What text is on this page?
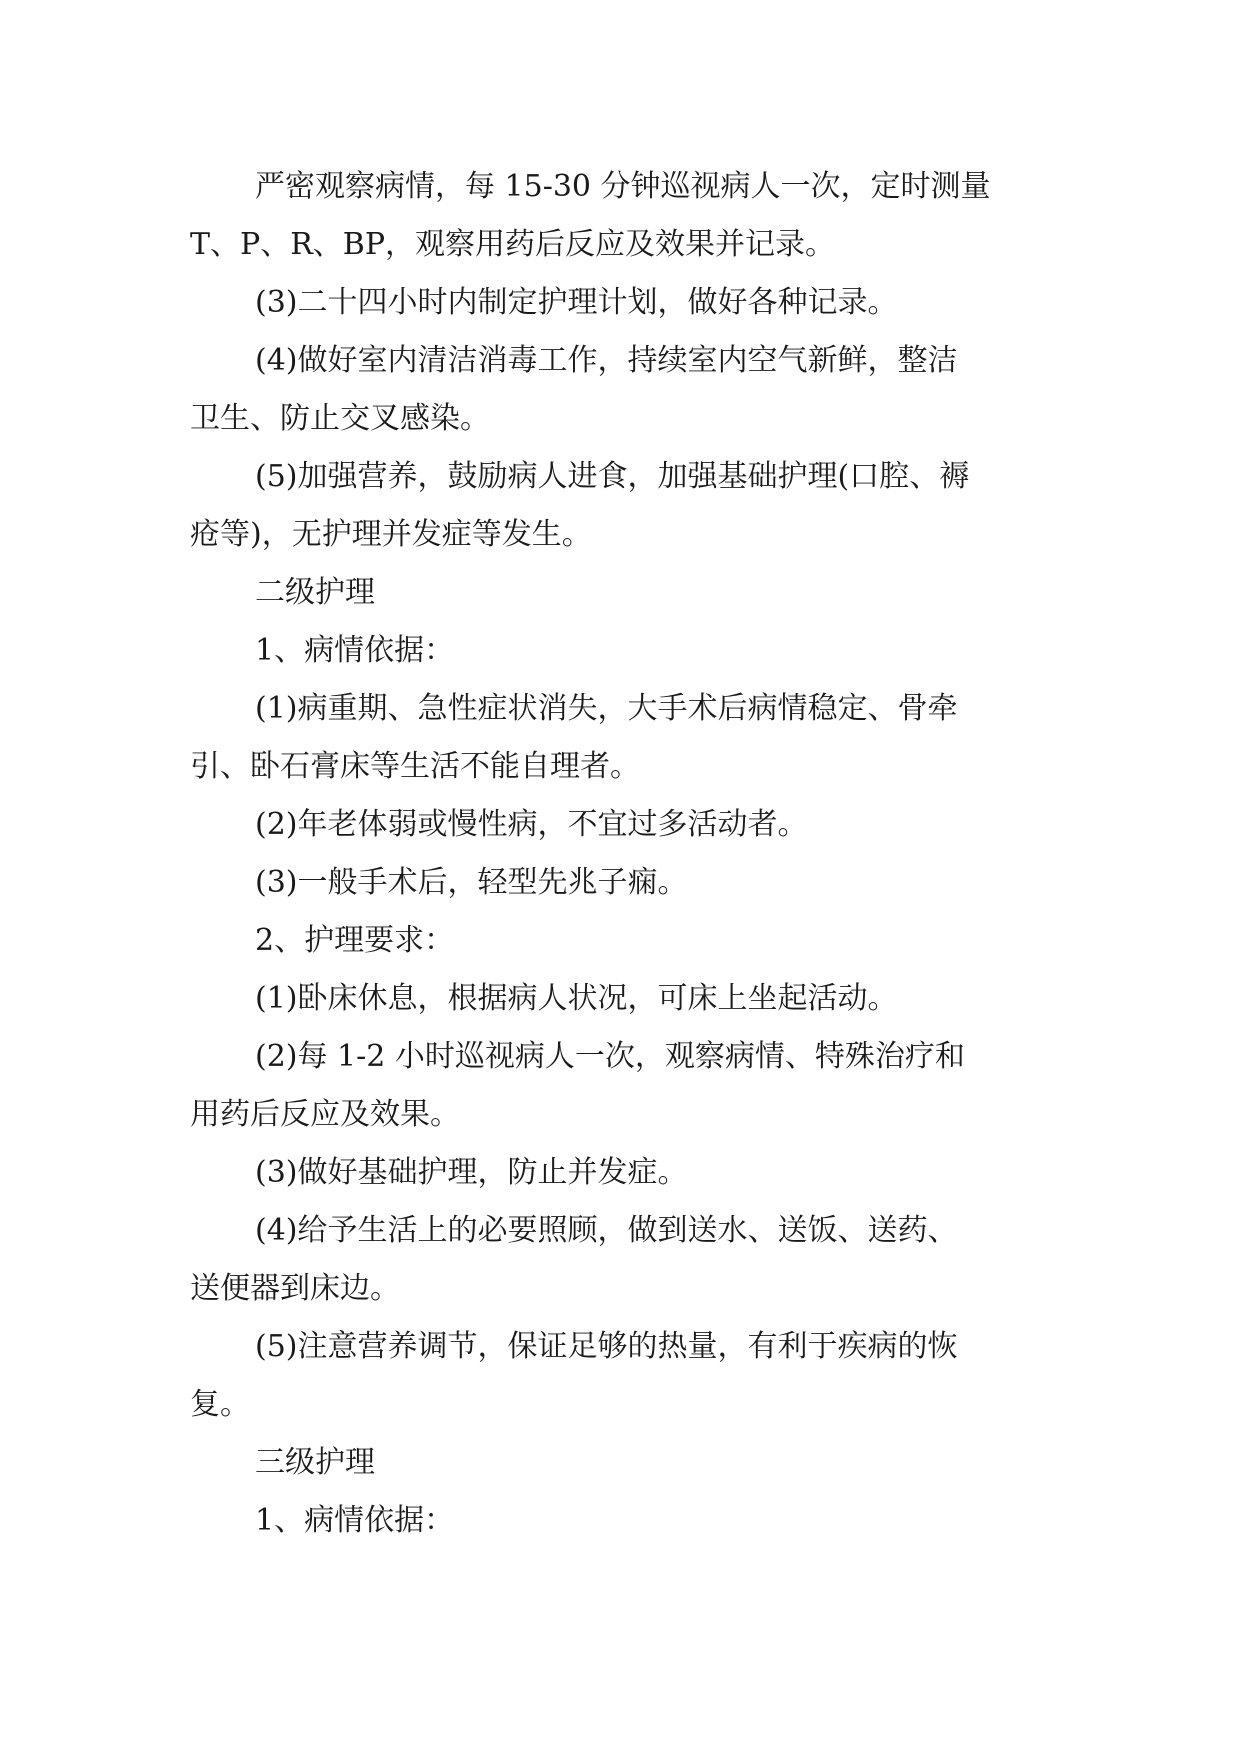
严密观察病情，每 15-30 分钟巡视病人一次，定时测量
T、P、R、BP，观察用药后反应及效果并记录。
(3)二十四小时内制定护理计划，做好各种记录。
(4)做好室内清洁消毒工作，持续室内空气新鲜，整洁
卫生、防止交叉感染。
(5)加强营养，鼓励病人进食，加强基础护理(口腔、褥
疮等)，无护理并发症等发生。
二级护理
1、病情依据：
(1)病重期、急性症状消失，大手术后病情稳定、骨牵
引、卧石膏床等生活不能自理者。
(2)年老体弱或慢性病，不宜过多活动者。
(3)一般手术后，轻型先兆子痫。
2、护理要求：
(1)卧床休息，根据病人状况，可床上坐起活动。
(2)每 1-2 小时巡视病人一次，观察病情、特殊治疗和
用药后反应及效果。
(3)做好基础护理，防止并发症。
(4)给予生活上的必要照顾，做到送水、送饭、送药、
送便器到床边。
(5)注意营养调节，保证足够的热量，有利于疾病的恢
复。
三级护理
1、病情依据：
